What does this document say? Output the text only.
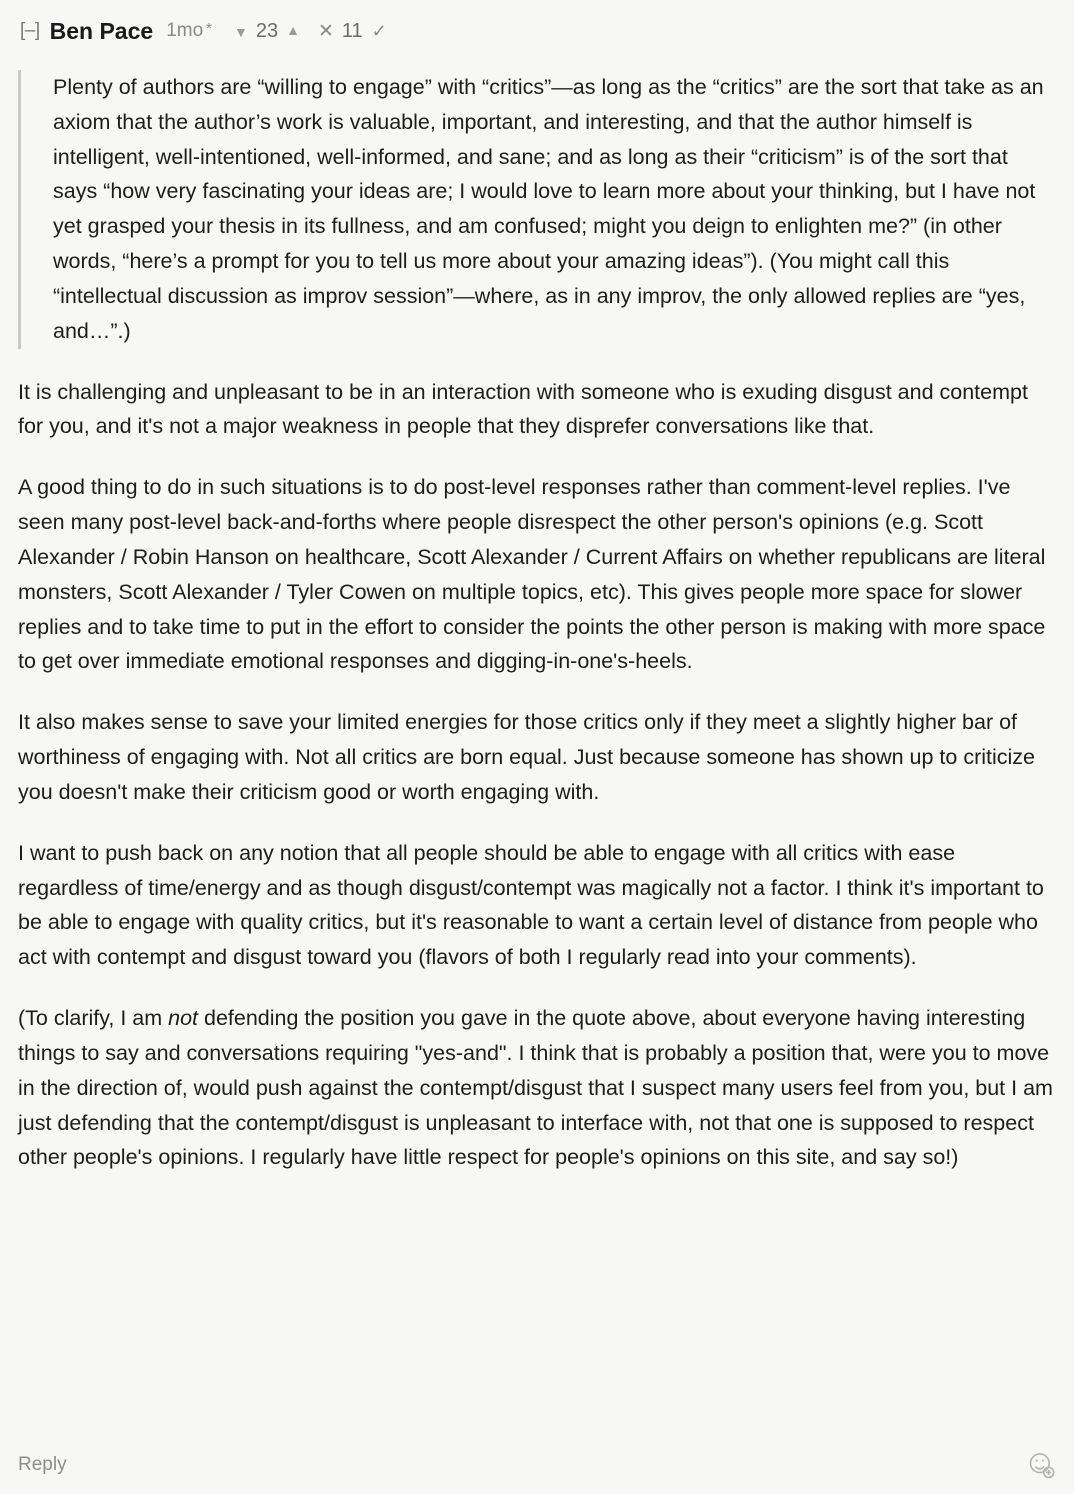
[–] Ben Pace 1mo * ▼ 23 ▲ ✕ 11 ✓

Plenty of authors are “willing to engage” with “critics”—as long as the “critics” are the sort that take as an axiom that the author’s work is valuable, important, and interesting, and that the author himself is intelligent, well-intentioned, well-informed, and sane; and as long as their “criticism” is of the sort that says “how very fascinating your ideas are; I would love to learn more about your thinking, but I have not yet grasped your thesis in its fullness, and am confused; might you deign to enlighten me?” (in other words, “here’s a prompt for you to tell us more about your amazing ideas”). (You might call this “intellectual discussion as improv session”—where, as in any improv, the only allowed replies are “yes, and…”.)

It is challenging and unpleasant to be in an interaction with someone who is exuding disgust and contempt for you, and it's not a major weakness in people that they disprefer conversations like that.

A good thing to do in such situations is to do post-level responses rather than comment-level replies. I've seen many post-level back-and-forths where people disrespect the other person's opinions (e.g. Scott Alexander / Robin Hanson on healthcare, Scott Alexander / Current Affairs on whether republicans are literal monsters, Scott Alexander / Tyler Cowen on multiple topics, etc). This gives people more space for slower replies and to take time to put in the effort to consider the points the other person is making with more space to get over immediate emotional responses and digging-in-one's-heels.

It also makes sense to save your limited energies for those critics only if they meet a slightly higher bar of worthiness of engaging with. Not all critics are born equal. Just because someone has shown up to criticize you doesn't make their criticism good or worth engaging with.

I want to push back on any notion that all people should be able to engage with all critics with ease regardless of time/energy and as though disgust/contempt was magically not a factor. I think it's important to be able to engage with quality critics, but it's reasonable to want a certain level of distance from people who act with contempt and disgust toward you (flavors of both I regularly read into your comments).

(To clarify, I am not defending the position you gave in the quote above, about everyone having interesting things to say and conversations requiring "yes-and". I think that is probably a position that, were you to move in the direction of, would push against the contempt/disgust that I suspect many users feel from you, but I am just defending that the contempt/disgust is unpleasant to interface with, not that one is supposed to respect other people's opinions. I regularly have little respect for people's opinions on this site, and say so!)

Reply
